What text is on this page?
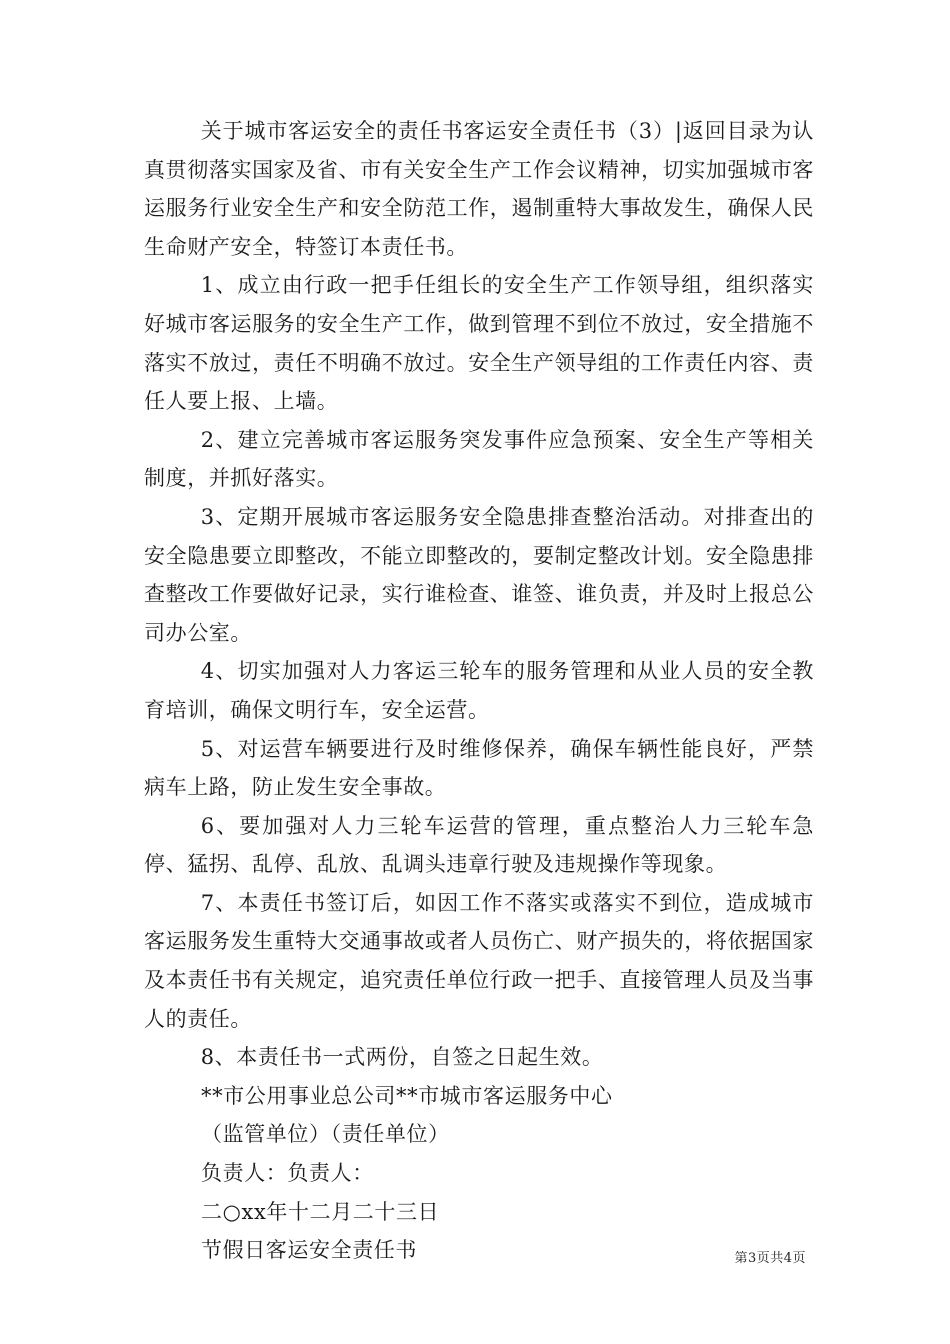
关于城市客运安全的责任书客运安全责任书（3）|返回目录为认真贯彻落实国家及省、市有关安全生产工作会议精神，切实加强城市客运服务行业安全生产和安全防范工作，遏制重特大事故发生，确保人民生命财产安全，特签订本责任书。

1、成立由行政一把手任组长的安全生产工作领导组，组织落实好城市客运服务的安全生产工作，做到管理不到位不放过，安全措施不落实不放过，责任不明确不放过。安全生产领导组的工作责任内容、责任人要上报、上墙。

2、建立完善城市客运服务突发事件应急预案、安全生产等相关制度，并抓好落实。

3、定期开展城市客运服务安全隐患排查整治活动。对排查出的安全隐患要立即整改，不能立即整改的，要制定整改计划。安全隐患排查整改工作要做好记录，实行谁检查、谁签、谁负责，并及时上报总公司办公室。

4、切实加强对人力客运三轮车的服务管理和从业人员的安全教育培训，确保文明行车，安全运营。

5、对运营车辆要进行及时维修保养，确保车辆性能良好，严禁病车上路，防止发生安全事故。

6、要加强对人力三轮车运营的管理，重点整治人力三轮车急停、猛拐、乱停、乱放、乱调头违章行驶及违规操作等现象。

7、本责任书签订后，如因工作不落实或落实不到位，造成城市客运服务发生重特大交通事故或者人员伤亡、财产损失的，将依据国家及本责任书有关规定，追究责任单位行政一把手、直接管理人员及当事人的责任。

8、本责任书一式两份，自签之日起生效。

**市公用事业总公司**市城市客运服务中心

（监管单位）（责任单位）

负责人：负责人：

二○xx年十二月二十三日

节假日客运安全责任书	第3页共4页
